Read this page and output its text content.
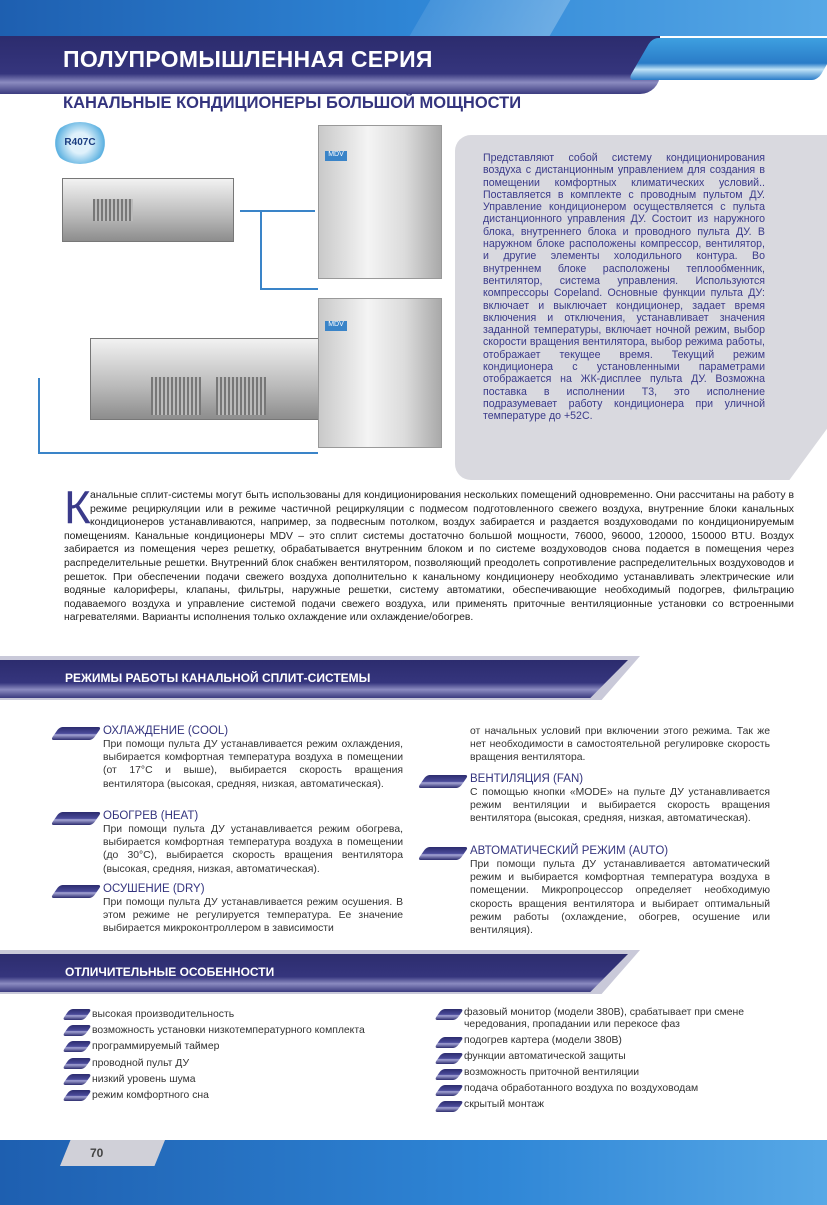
ПОЛУПРОМЫШЛЕННАЯ СЕРИЯ
КАНАЛЬНЫЕ КОНДИЦИОНЕРЫ БОЛЬШОЙ МОЩНОСТИ
R407C
MDV
MDV
Представляют собой систему кондиционирования воздуха с дистанционным управлением для создания в помещении комфортных климатических условий.. Поставляется в комплекте с проводным пультом ДУ. Управление кондиционером осуществляется с пульта дистанционного управления ДУ. Состоит из наружного блока, внутреннего блока и проводного пульта ДУ. В наружном блоке расположены компрессор, вентилятор, и другие элементы холодильного контура. Во внутреннем блоке расположены теплообменник, вентилятор, система управления. Используются компрессоры Copeland. Основные функции пульта ДУ: включает и выключает кондиционер, задает время включения и отключения, устанавливает значения заданной температуры, включает ночной режим, выбор скорости вращения вентилятора, выбор режима работы, отображает текущее время. Текущий режим кондиционера с установленными параметрами отображается на ЖК-дисплее пульта ДУ. Возможна поставка в исполнении Т3, это исполнение подразумевает работу кондиционера при уличной температуре до +52С.
К анальные сплит-системы могут быть использованы для кондиционирования нескольких помещений одновременно. Они рассчитаны на работу в режиме рециркуляции или в режиме частичной рециркуляции с подмесом подготовленного свежего воздуха, внутренние блоки канальных кондиционеров устанавливаются, например, за подвесным потолком, воздух забирается и раздается воздуховодами по кондиционируемым помещениям. Канальные кондиционеры MDV – это сплит системы достаточно большой мощности, 76000, 96000, 120000, 150000 BTU. Воздух забирается из помещения через решетку, обрабатывается внутренним блоком и по системе воздуховодов снова подается в помещения через распределительные решетки. Внутренний блок снабжен вентилятором, позволяющий преодолеть сопротивление распределительных воздуховодов и решеток. При обеспечении подачи свежего воздуха дополнительно к канальному кондиционеру необходимо устанавливать электрические или водяные калориферы, клапаны, фильтры, наружные решетки, систему автоматики, обеспечивающие необходимый подогрев, фильтрацию подаваемого воздуха и управление системой подачи свежего воздуха, или применять приточные вентиляционные установки со встроенными нагревателями. Варианты исполнения только охлаждение или охлаждение/обогрев.
РЕЖИМЫ РАБОТЫ КАНАЛЬНОЙ СПЛИТ-СИСТЕМЫ
ОХЛАЖДЕНИЕ (COOL)

При помощи пульта ДУ устанавливается режим охлаждения, выбирается комфортная температура воздуха в помещении (от 17°С и выше), выбирается скорость вращения вентилятора (высокая, средняя, низкая, автоматическая).

ОБОГРЕВ (HEAT)

При помощи пульта ДУ устанавливается режим обогрева, выбирается комфортная температура воздуха в помещении (до 30°С), выбирается скорость вращения вентилятора (высокая, средняя, низкая, автоматическая).

ОСУШЕНИЕ (DRY)

При помощи пульта ДУ устанавливается режим осушения. В этом режиме не регулируется температура. Ее значение выбирается микроконтроллером в зависимости

от начальных условий при включении этого режима. Так же нет необходимости в самостоятельной регулировке скорость вращения вентилятора.

ВЕНТИЛЯЦИЯ (FAN)

С помощью кнопки «MODE» на пульте ДУ устанавливается режим вентиляции и выбирается скорость вращения вентилятора (высокая, средняя, низкая, автоматическая).

АВТОМАТИЧЕСКИЙ РЕЖИМ (AUTO)

При помощи пульта ДУ устанавливается автоматический режим и выбирается комфортная температура воздуха в помещении. Микропроцессор определяет необходимую скорость вращения вентилятора и выбирает оптимальный режим работы (охлаждение, обогрев, осушение или вентиляция).

ОТЛИЧИТЕЛЬНЫЕ ОСОБЕННОСТИ
высокая производительность
возможность установки низкотемпературного комплекта
программируемый таймер
проводной пульт ДУ
низкий уровень шума
режим комфортного сна
фазовый монитор (модели 380В), срабатывает при смене чередования, пропадании или перекосе фаз
подогрев картера (модели 380В)
функции автоматической защиты
возможность приточной вентиляции
подача обработанного воздуха по воздуховодам
скрытый монтаж
70
